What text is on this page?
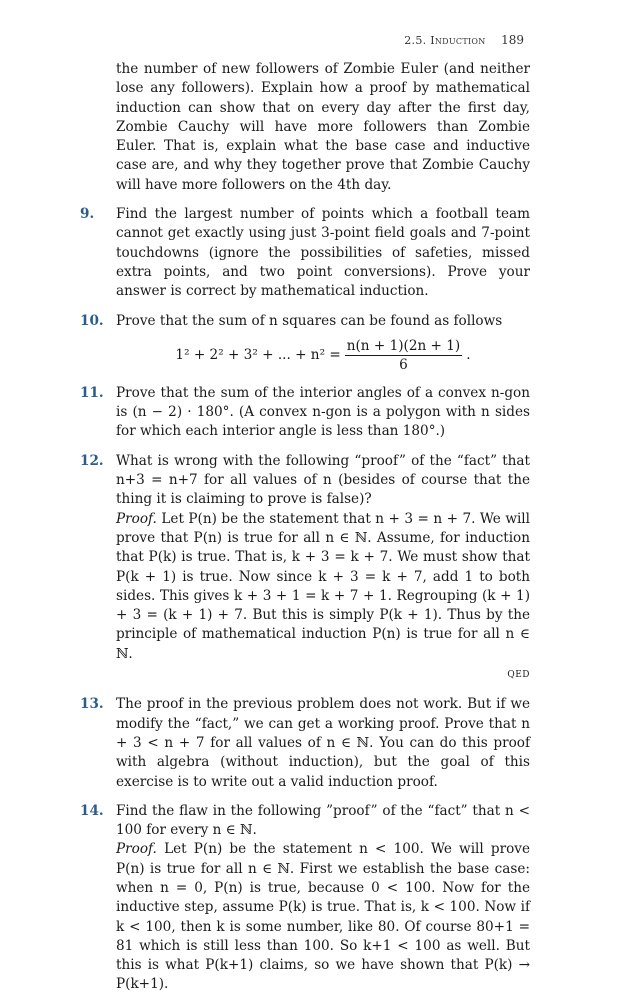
2.5. Induction 189

the number of new followers of Zombie Euler (and neither lose any followers). Explain how a proof by mathematical induction can show that on every day after the first day, Zombie Cauchy will have more followers than Zombie Euler. That is, explain what the base case and inductive case are, and why they together prove that Zombie Cauchy will have more followers on the 4th day.

9.	Find the largest number of points which a football team cannot get exactly using just 3-point field goals and 7-point touchdowns (ignore the possibilities of safeties, missed extra points, and two point conversions). Prove your answer is correct by mathematical induction.

10. Prove that the sum of n squares can be found as follows

1² + 2² + 3² + ... + $n^2 = \frac{n(n + 1)(2n + 1)}{6}$ .
11. Prove that the sum of the interior angles of a convex n-gon is (n − 2) · 180°. (A convex n-gon is a polygon with n sides for which each interior angle is less than 180°.)

12. What is wrong with the following “proof” of the “fact” that n+3 = n+7 for all values of n (besides of course that the thing it is claiming to prove is false)?

Proof. Let P(n) be the statement that n + 3 = n + 7. We will prove that P(n) is true for all n ∈ ℕ. Assume, for induction that P(k) is true. That is, k + 3 = k + 7. We must show that P(k + 1) is true. Now since k + 3 = k + 7, add 1 to both sides. This gives k + 3 + 1 = k + 7 + 1. Regrouping (k + 1) + 3 = (k + 1) + 7. But this is simply P(k + 1). Thus by the principle of mathematical induction P(n) is true for all n ∈ ℕ.

QED
13. The proof in the previous problem does not work. But if we modify the “fact,” we can get a working proof. Prove that n + 3 < n + 7 for all values of n ∈ ℕ. You can do this proof with algebra (without induction), but the goal of this exercise is to write out a valid induction proof.

14. Find the flaw in the following ”proof” of the “fact” that n < 100 for every n ∈ ℕ.

Proof. Let P(n) be the statement n < 100. We will prove P(n) is true for all n ∈ ℕ. First we establish the base case: when n = 0, P(n) is true, because 0 < 100. Now for the inductive step, assume P(k) is true. That is, k < 100. Now if k < 100, then k is some number, like 80. Of course 80+1 = 81 which is still less than 100. So k+1 < 100 as well. But this is what P(k+1) claims, so we have shown that P(k) → P(k+1).
